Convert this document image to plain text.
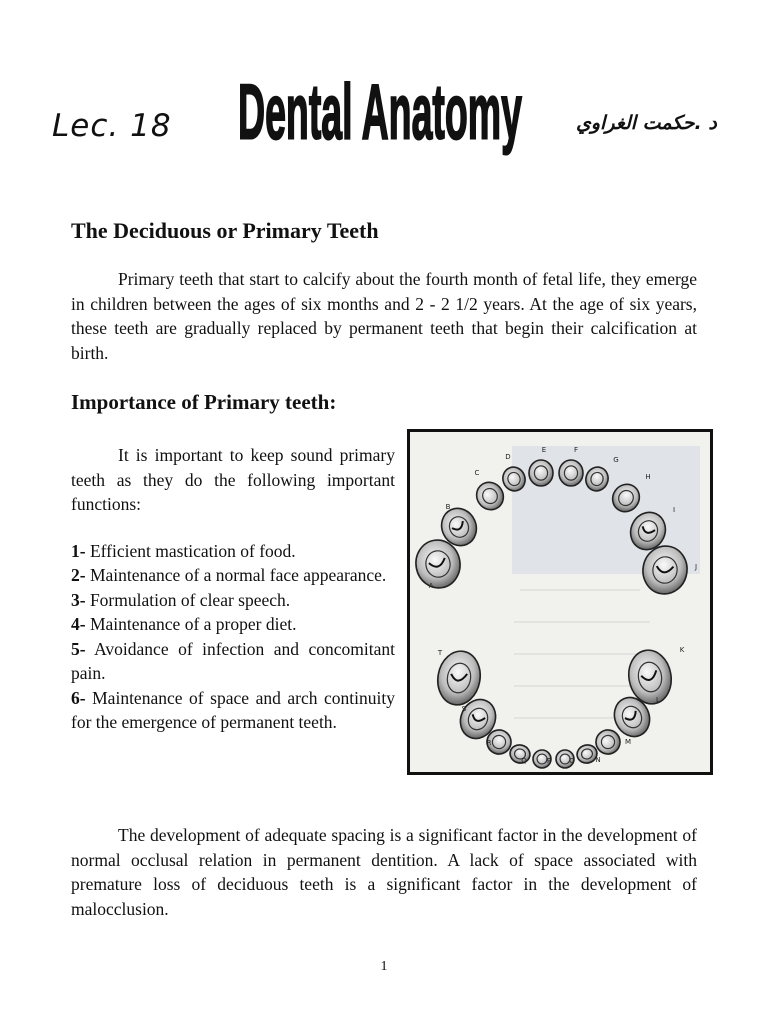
Lec. 18 Dental Anatomy	د .حكمت الغراوي
The Deciduous or Primary Teeth

Primary teeth that start to calcify about the fourth month of fetal life, they emerge in children between the ages of six months and 2 - 2 1/2 years. At the age of six years, these teeth are gradually replaced by permanent teeth that begin their calcification at birth.

Importance of Primary teeth:

It is important to keep sound primary teeth as they do the following important functions:

1- Efficient mastication of food.

2- Maintenance of a normal face appearance.

3- Formulation of clear speech.

4- Maintenance of a proper diet.

5- Avoidance of infection and concomitant pain.

6- Maintenance of space and arch continuity for the emergence of permanent teeth.

A
B
C
D
E	F
G
H
I
J
K
L
M
N
O
P
Q
R
S
T

The development of adequate spacing is a significant factor in the development of normal occlusal relation in permanent dentition. A lack of space associated with premature loss of deciduous teeth is a significant factor in the development of malocclusion.

1
